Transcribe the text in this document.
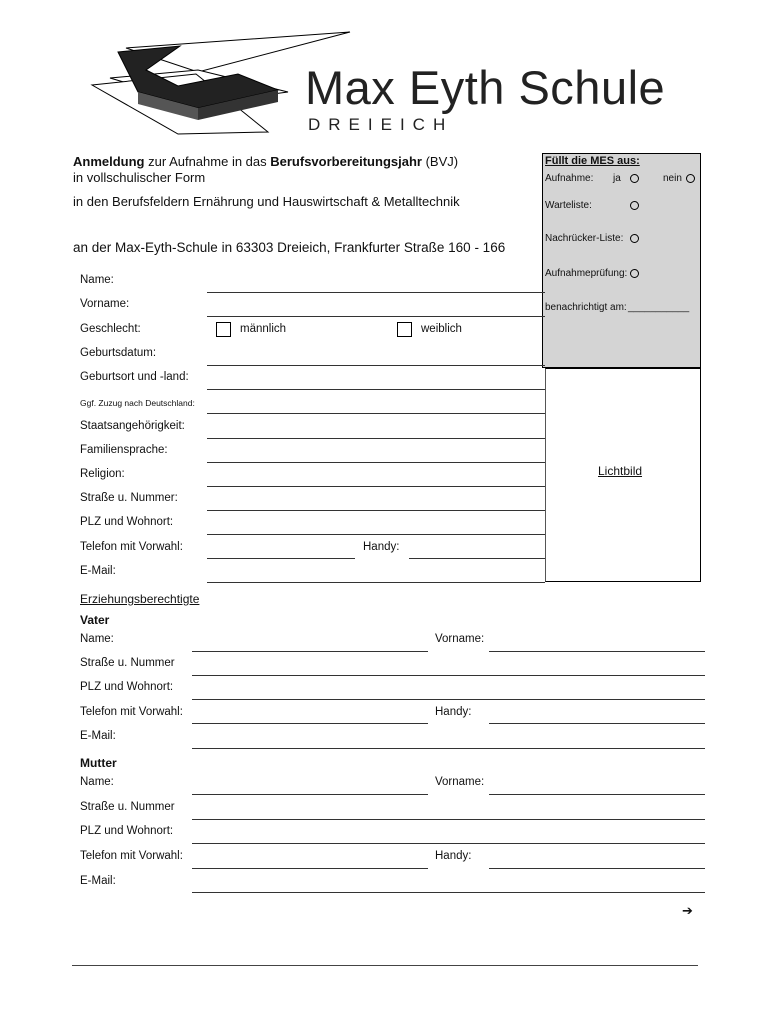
Max Eyth Schule
DREIEICH
Anmeldung zur Aufnahme in das Berufsvorbereitungsjahr (BVJ)
in vollschulischer Form
in den Berufsfeldern Ernährung und Hauswirtschaft & Metalltechnik
an der Max-Eyth-Schule in 63303 Dreieich, Frankfurter Straße 160 - 166
Füllt die MES aus:
Aufnahme: ja	nein
Warteliste:
Nachrücker-Liste:
Aufnahmeprüfung:
benachrichtigt am: ___________
Lichtbild
Name:
Vorname:
Geschlecht:	männlich	weiblich
Geburtsdatum:
Geburtsort und -land:
Ggf. Zuzug nach Deutschland:
Staatsangehörigkeit:
Familiensprache:
Religion:
Straße u. Nummer:
PLZ und Wohnort:
Telefon mit Vorwahl:	Handy:
E-Mail:
Erziehungsberechtigte
Vater
Name:	Vorname:
Straße u. Nummer
PLZ und Wohnort:
Telefon mit Vorwahl:	Handy:
E-Mail:
Mutter
Name:	Vorname:
Straße u. Nummer
PLZ und Wohnort:
Telefon mit Vorwahl:	Handy:
E-Mail:
➔
